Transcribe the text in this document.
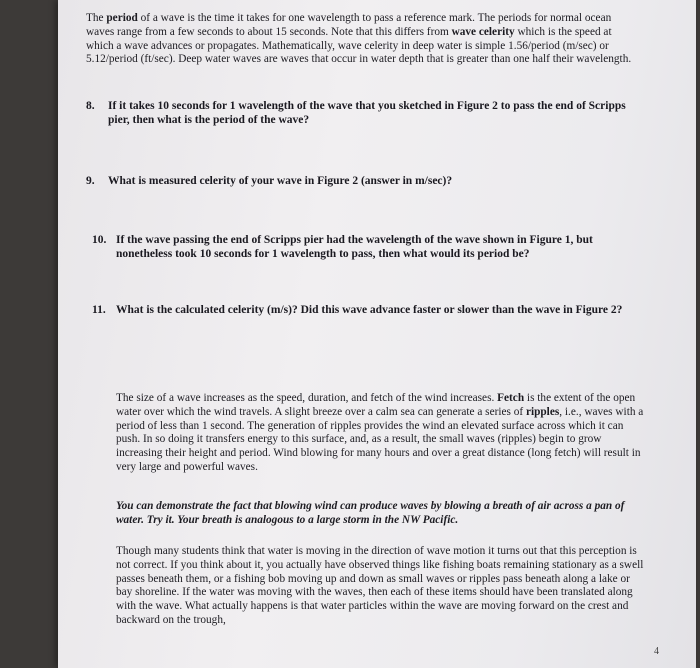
The period of a wave is the time it takes for one wavelength to pass a reference mark. The periods for normal ocean waves range from a few seconds to about 15 seconds. Note that this differs from wave celerity which is the speed at which a wave advances or propagates. Mathematically, wave celerity in deep water is simple 1.56/period (m/sec) or 5.12/period (ft/sec). Deep water waves are waves that occur in water depth that is greater than one half their wavelength.
8. If it takes 10 seconds for 1 wavelength of the wave that you sketched in Figure 2 to pass the end of Scripps pier, then what is the period of the wave?
9. What is measured celerity of your wave in Figure 2 (answer in m/sec)?
10. If the wave passing the end of Scripps pier had the wavelength of the wave shown in Figure 1, but nonetheless took 10 seconds for 1 wavelength to pass, then what would its period be?
11. What is the calculated celerity (m/s)? Did this wave advance faster or slower than the wave in Figure 2?
The size of a wave increases as the speed, duration, and fetch of the wind increases. Fetch is the extent of the open water over which the wind travels. A slight breeze over a calm sea can generate a series of ripples, i.e., waves with a period of less than 1 second. The generation of ripples provides the wind an elevated surface across which it can push. In so doing it transfers energy to this surface, and, as a result, the small waves (ripples) begin to grow increasing their height and period. Wind blowing for many hours and over a great distance (long fetch) will result in very large and powerful waves.
You can demonstrate the fact that blowing wind can produce waves by blowing a breath of air across a pan of water. Try it. Your breath is analogous to a large storm in the NW Pacific.
Though many students think that water is moving in the direction of wave motion it turns out that this perception is not correct. If you think about it, you actually have observed things like fishing boats remaining stationary as a swell passes beneath them, or a fishing bob moving up and down as small waves or ripples pass beneath along a lake or bay shoreline. If the water was moving with the waves, then each of these items should have been translated along with the wave. What actually happens is that water particles within the wave are moving forward on the crest and backward on the trough,
4
